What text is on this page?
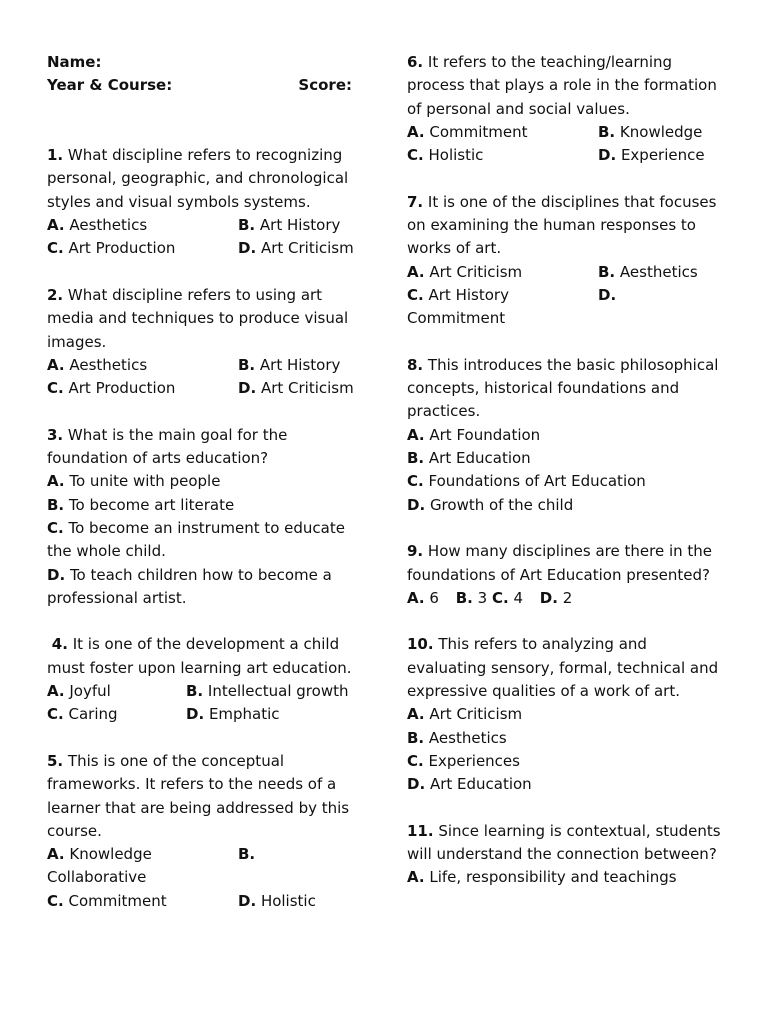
Name:
Year & Course:	Score:

1. What discipline refers to recognizing personal, geographic, and chronological styles and visual symbols systems.

A. Aesthetics	B. Art History
C. Art Production	D. Art Criticism

2. What discipline refers to using art media and techniques to produce visual images.

A. Aesthetics	B. Art History
C. Art Production	D. Art Criticism

3. What is the main goal for the foundation of arts education?

A. To unite with people
B. To become art literate
C. To become an instrument to educate the whole child.
D. To teach children how to become a professional artist.

4. It is one of the development a child must foster upon learning art education.

A. Joyful	B. Intellectual growth
C. Caring	D. Emphatic

5. This is one of the conceptual frameworks. It refers to the needs of a learner that are being addressed by this course.

A. Knowledge	B.
Collaborative
C. Commitment	D. Holistic

6. It refers to the teaching/learning process that plays a role in the formation of personal and social values.

A. Commitment	B. Knowledge
C. Holistic	D. Experience

7. It is one of the disciplines that focuses on examining the human responses to works of art.

A. Art Criticism	B. Aesthetics
C. Art History	D.
Commitment

8. This introduces the basic philosophical concepts, historical foundations and practices.

A. Art Foundation
B. Art Education
C. Foundations of Art Education
D. Growth of the child

9. How many disciplines are there in the foundations of Art Education presented?

A. 6 B. 3 C. 4 D. 2

10. This refers to analyzing and evaluating sensory, formal, technical and expressive qualities of a work of art.

A. Art Criticism
B. Aesthetics
C. Experiences
D. Art Education

11. Since learning is contextual, students will understand the connection between?

A. Life, responsibility and teachings
